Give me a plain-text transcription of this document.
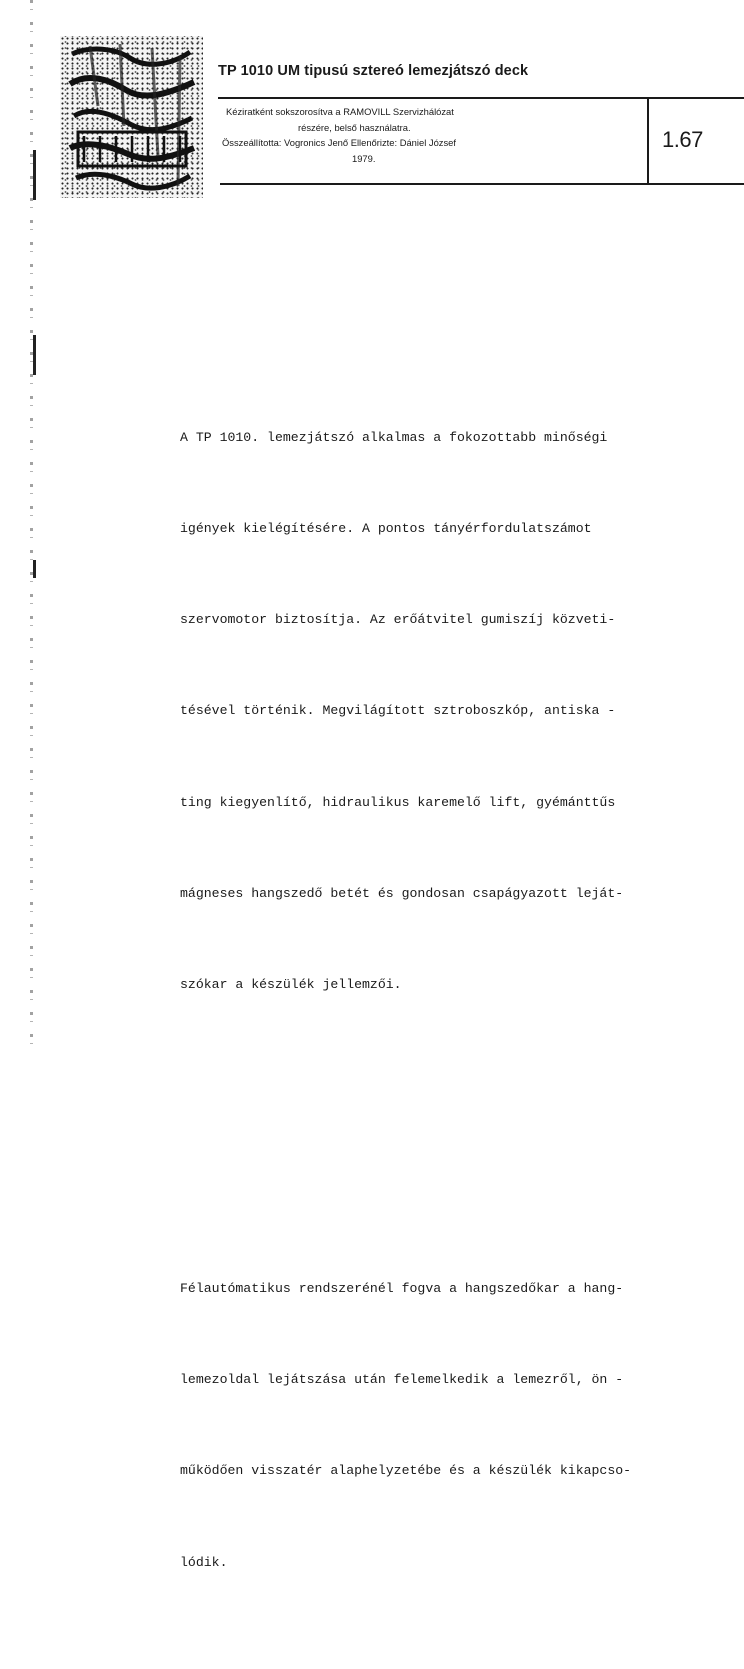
TP 1010 UM tipusú sztereó lemezjátszó deck
Kéziratként sokszorosítva a RAMOVILL Szervizhálózat
részére, belső használatra.
Összeállította: Vogronics Jenő Ellenőrizte: Dániel József
1979.
1.67

A TP 1010. lemezjátszó alkalmas a fokozottabb minőségi

igények kielégítésére. A pontos tányérfordulatszámot

szervomotor biztosítja. Az erőátvitel gumiszíj közveti-

tésével történik. Megvilágított sztroboszkóp, antiska -

ting kiegyenlítő, hidraulikus karemelő lift, gyémánttűs

mágneses hangszedő betét és gondosan csapágyazott leját-

szókar a készülék jellemzői.

Félautómatikus rendszerénél fogva a hangszedőkar a hang-

lemezoldal lejátszása után felemelkedik a lemezről, ön -

működően visszatér alaphelyzetébe és a készülék kikapcso-

lódik.
